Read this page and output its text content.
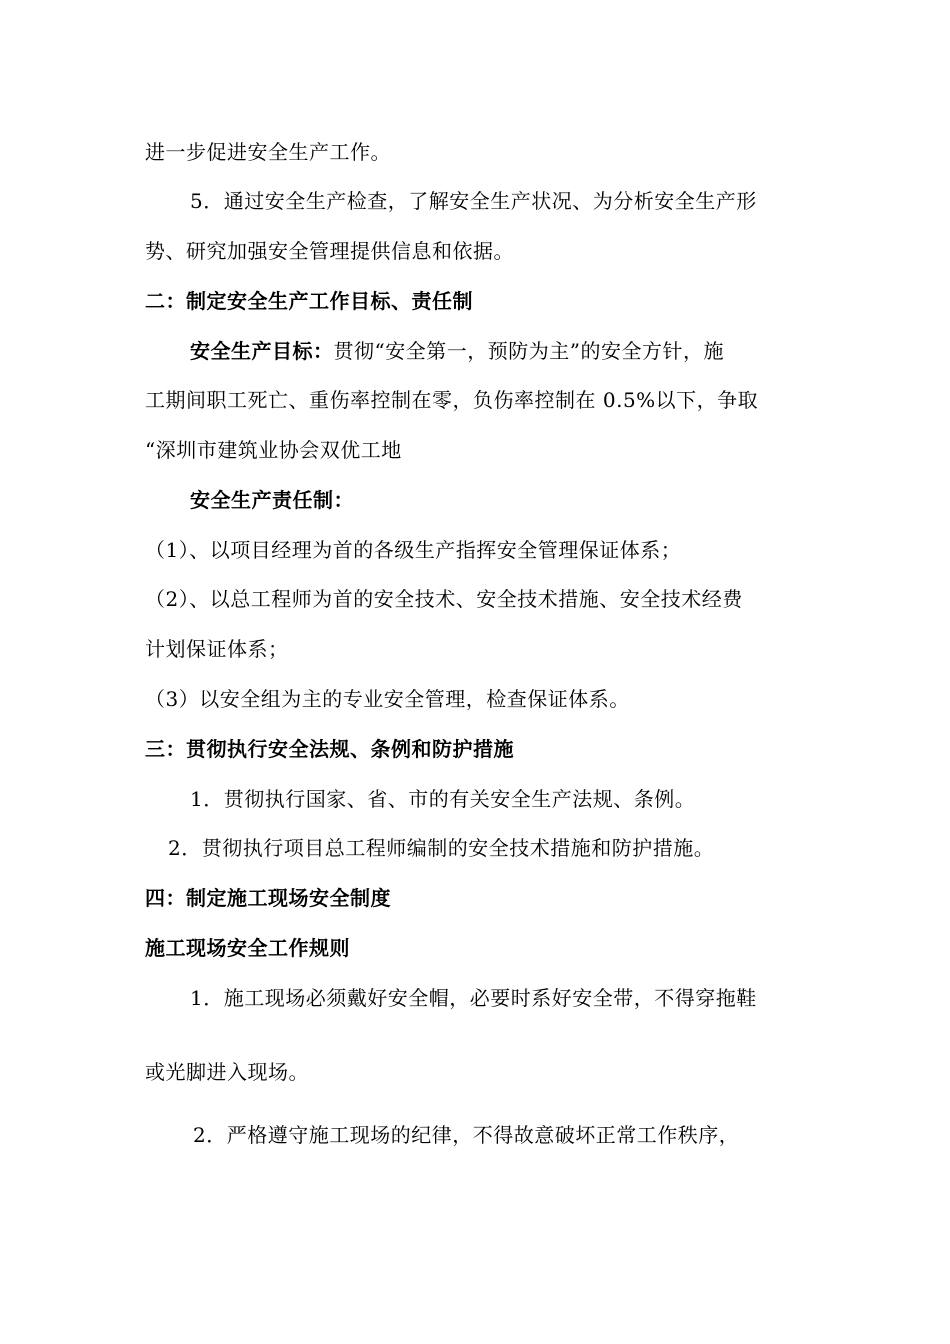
进一步促进安全生产工作。
5．通过安全生产检查，了解安全生产状况、为分析安全生产形
势、研究加强安全管理提供信息和依据。
二：制定安全生产工作目标、责任制
安全生产目标：贯彻“安全第一，预防为主”的安全方针，施
工期间职工死亡、重伤率控制在零，负伤率控制在 0.5%以下，争取
“深圳市建筑业协会双优工地
安全生产责任制：
（1）、以项目经理为首的各级生产指挥安全管理保证体系；
（2）、以总工程师为首的安全技术、安全技术措施、安全技术经费
计划保证体系；
（3）以安全组为主的专业安全管理，检查保证体系。
三：贯彻执行安全法规、条例和防护措施
1．贯彻执行国家、省、市的有关安全生产法规、条例。
2．贯彻执行项目总工程师编制的安全技术措施和防护措施。
四：制定施工现场安全制度
施工现场安全工作规则
1．施工现场必须戴好安全帽，必要时系好安全带，不得穿拖鞋
或光脚进入现场。
2．严格遵守施工现场的纪律，不得故意破坏正常工作秩序，
